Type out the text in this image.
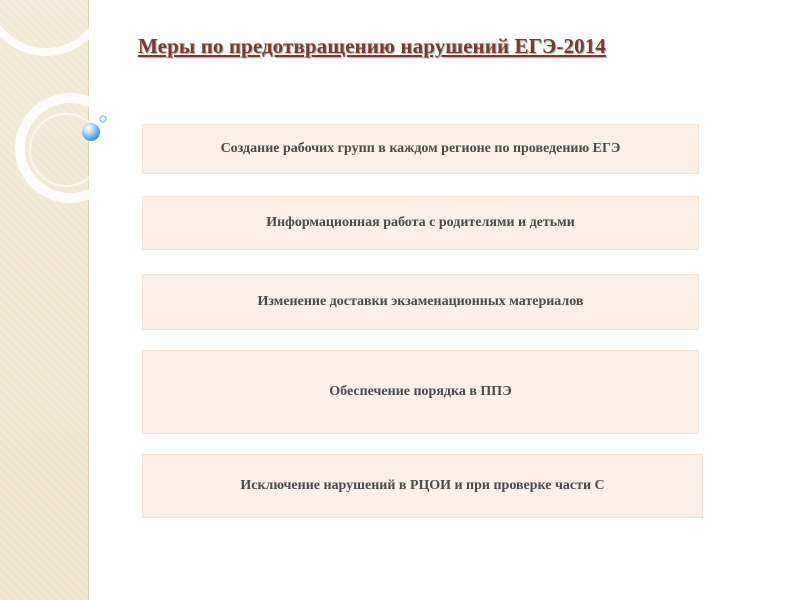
Меры по предотвращению нарушений ЕГЭ-2014
Создание рабочих групп в каждом регионе по проведению ЕГЭ
Информационная работа с родителями и детьми
Изменение доставки экзаменационных материалов
Обеспечение порядка в ППЭ
Исключение нарушений в РЦОИ и при проверке части С
